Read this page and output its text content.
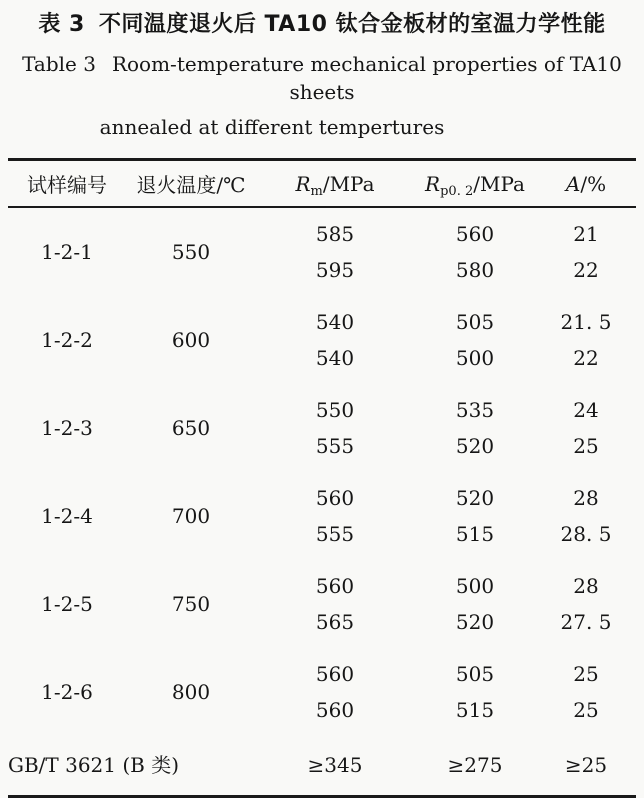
表 3 不同温度退火后 TA10 钛合金板材的室温力学性能
Table 3 Room-temperature mechanical properties of TA10 sheets
annealed at different tempertures
试样编号	退火温度/℃	$R_m$/MPa	$R_{p0. 2}$/MPa	A/%
1-2-1	550	585	560	21
		595	580	22
1-2-2	600	540	505	21. 5
		540	500	22
1-2-3	650	550	535	24
		555	520	25
1-2-4	700	560	520	28
		555	515	28. 5
1-2-5	750	560	500	28
		565	520	27. 5
1-2-6	800	560	505	25
		560	515	25
GB/T 3621 (B 类)		≥345	≥275	≥25
